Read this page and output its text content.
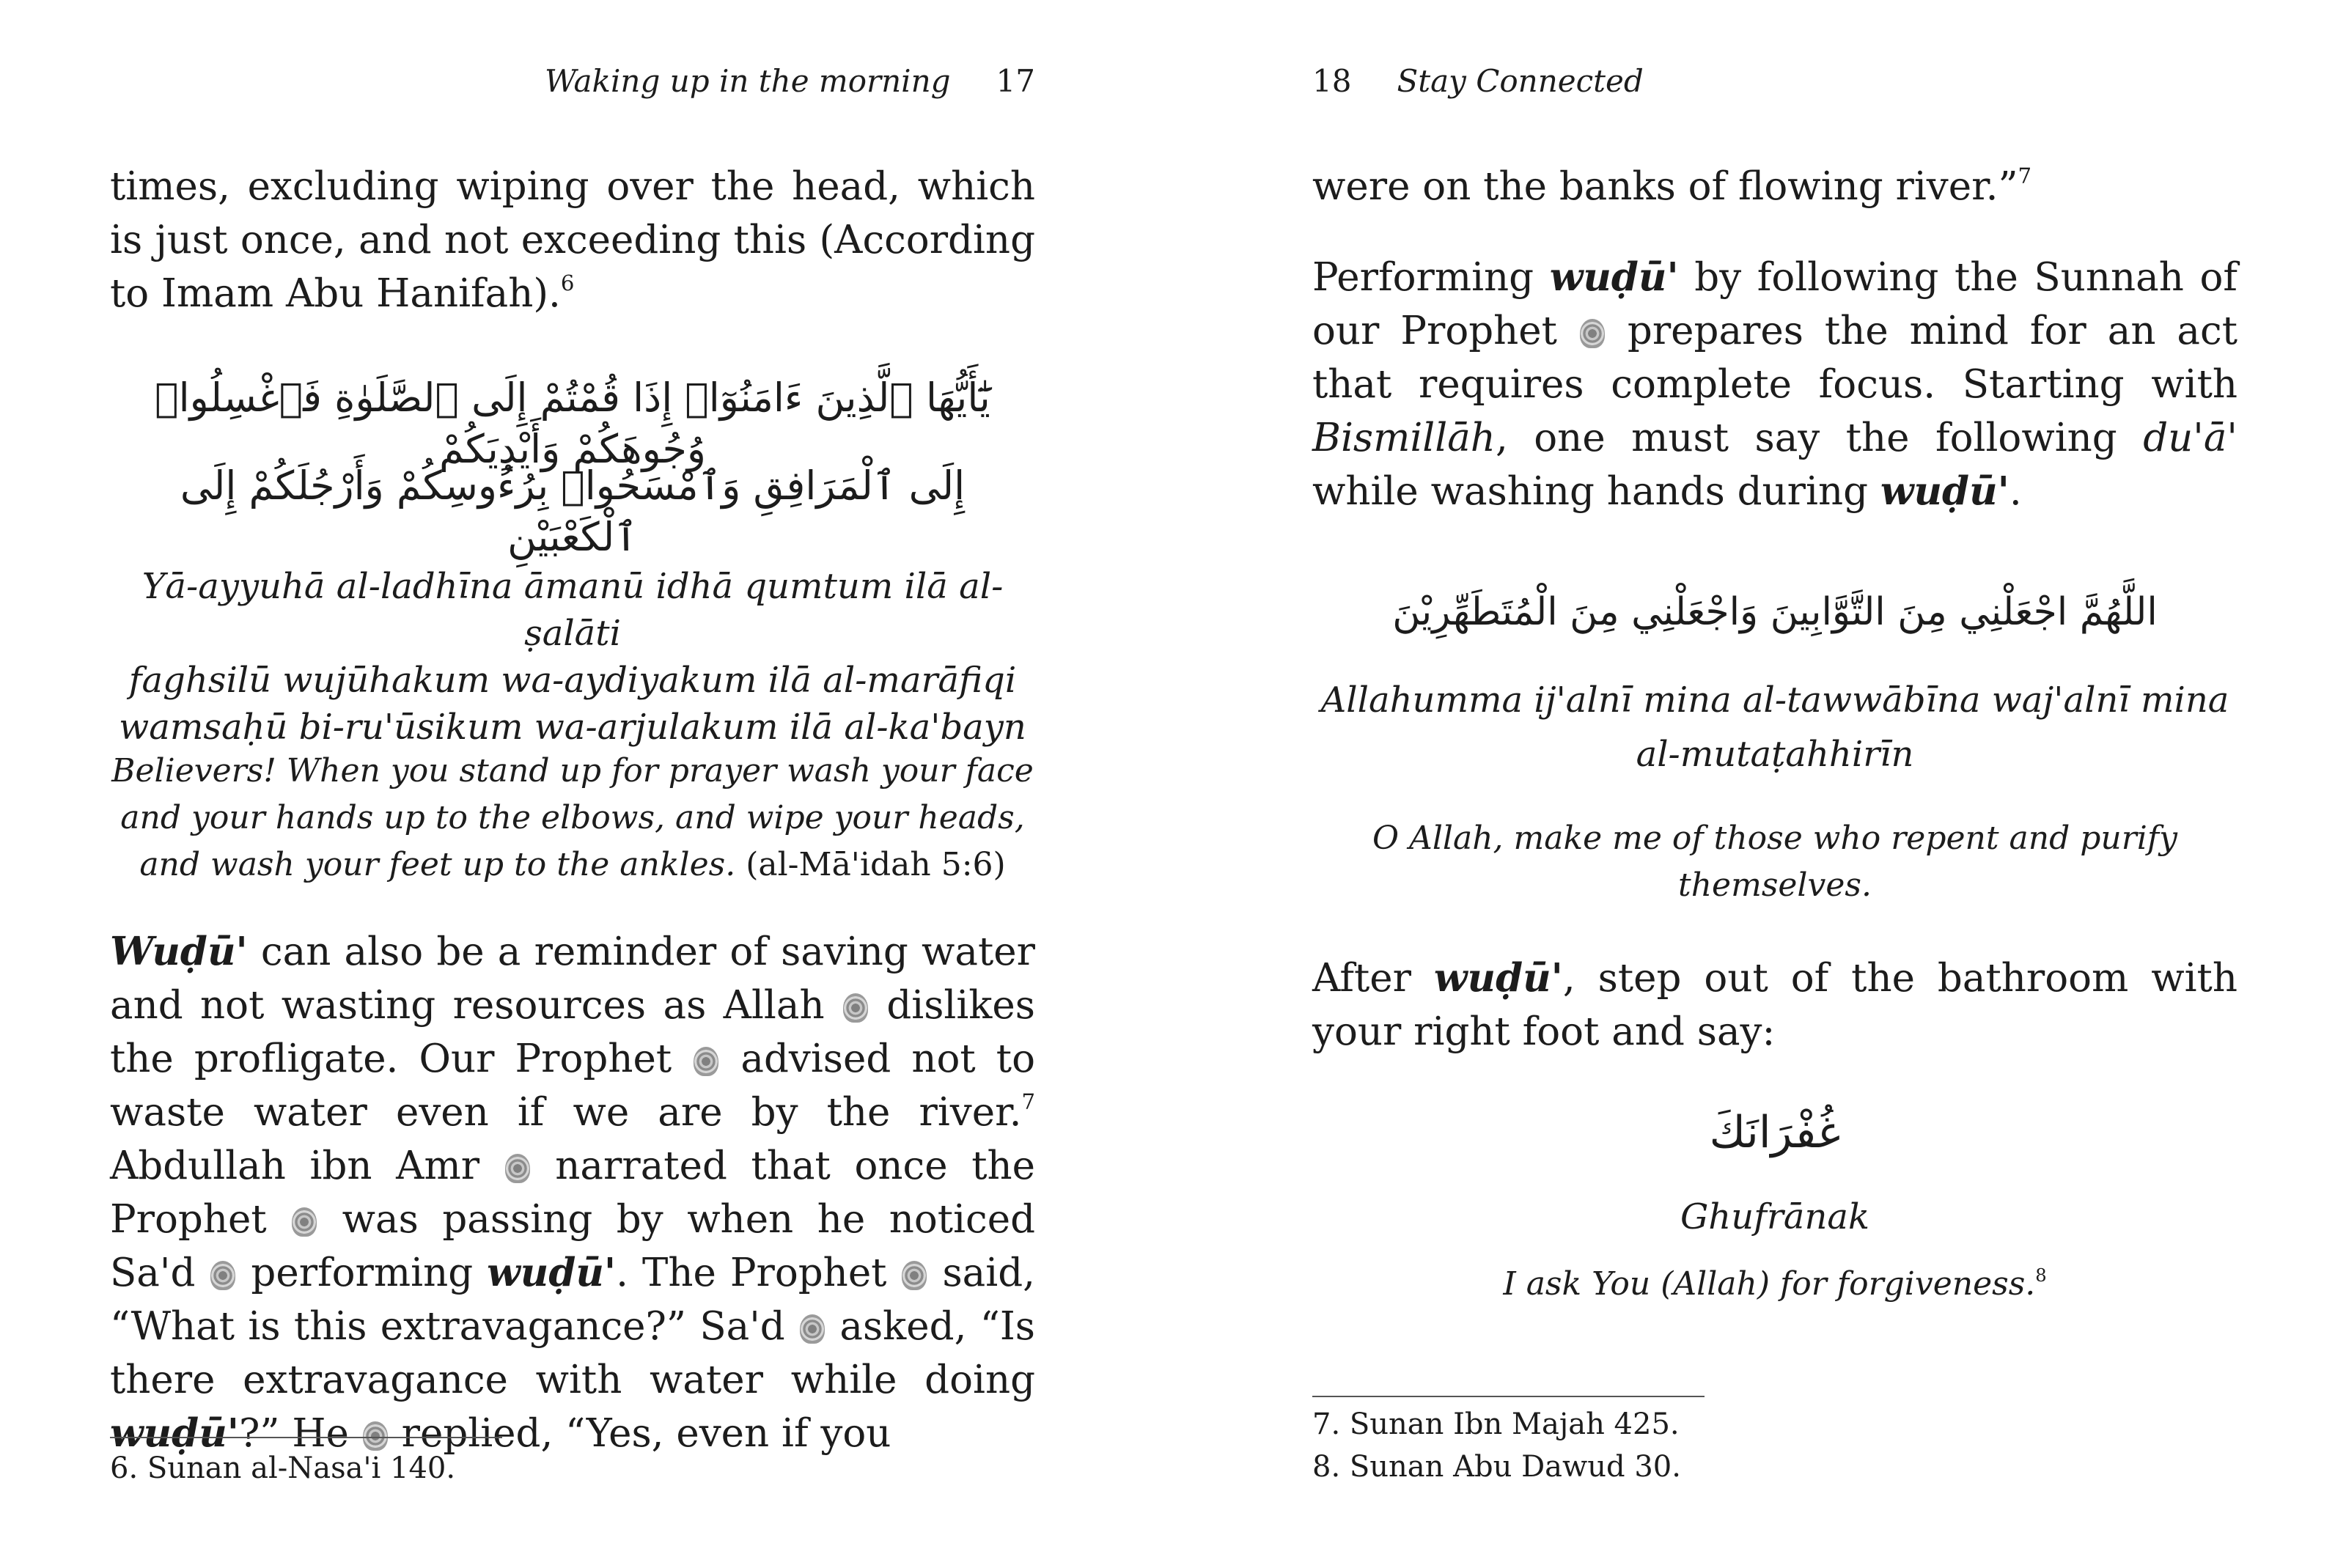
Waking up in the morning 17
times, excluding wiping over the head, which is just once, and not exceeding this (According to Imam Abu Hanifah).$^6$
يَٰٓأَيُّهَا ٱلَّذِينَ ءَامَنُوٓا۟ إِذَا قُمْتُمْ إِلَى ٱلصَّلَوٰةِ فَٱغْسِلُوا۟ وُجُوهَكُمْ وَأَيْدِيَكُمْ
إِلَى ٱلْمَرَافِقِ وَٱمْسَحُوا۟ بِرُءُوسِكُمْ وَأَرْجُلَكُمْ إِلَى ٱلْكَعْبَيْنِ
Yā-ayyuhā al-ladhīna āmanū idhā qumtum ilā al-ṣalāti
faghsilū wujūhakum wa-aydiyakum ilā al-marāfiqi
wamsaḥū bi-ru'ūsikum wa-arjulakum ilā al-ka'bayn
Believers! When you stand up for prayer wash your face
and your hands up to the elbows, and wipe your heads,
and wash your feet up to the ankles. (al-Mā'idah 5:6)
Wuḍū' can also be a reminder of saving water and not wasting resources as Allah  dislikes the profligate. Our Prophet  advised not to waste water even if we are by the river.$^7$ Abdullah ibn Amr  narrated that once the Prophet  was passing by when he noticed Sa'd  performing wuḍū'. The Prophet  said, “What is this extravagance?” Sa'd  asked, “Is there extravagance with water while doing wuḍū'?” He  replied, “Yes, even if you
6. Sunan al-Nasa'i 140.
18 Stay Connected
were on the banks of flowing river.”$^7$
Performing wuḍū' by following the Sunnah of our Prophet  prepares the mind for an act that requires complete focus. Starting with Bismillāh, one must say the following du'ā' while washing hands during wuḍū'.
اللَّهُمَّ اجْعَلْنِي مِنَ التَّوَّابِينَ وَاجْعَلْنِي مِنَ الْمُتَطَهِّرِيْنَ
Allahumma ij'alnī mina al-tawwābīna waj'alnī mina
al-mutaṭahhirīn
O Allah, make me of those who repent and purify
themselves.
After wuḍū', step out of the bathroom with your right foot and say:
غُفْرَانَكَ
Ghufrānak
I ask You (Allah) for forgiveness.$^8$
7. Sunan Ibn Majah 425.
8. Sunan Abu Dawud 30.
